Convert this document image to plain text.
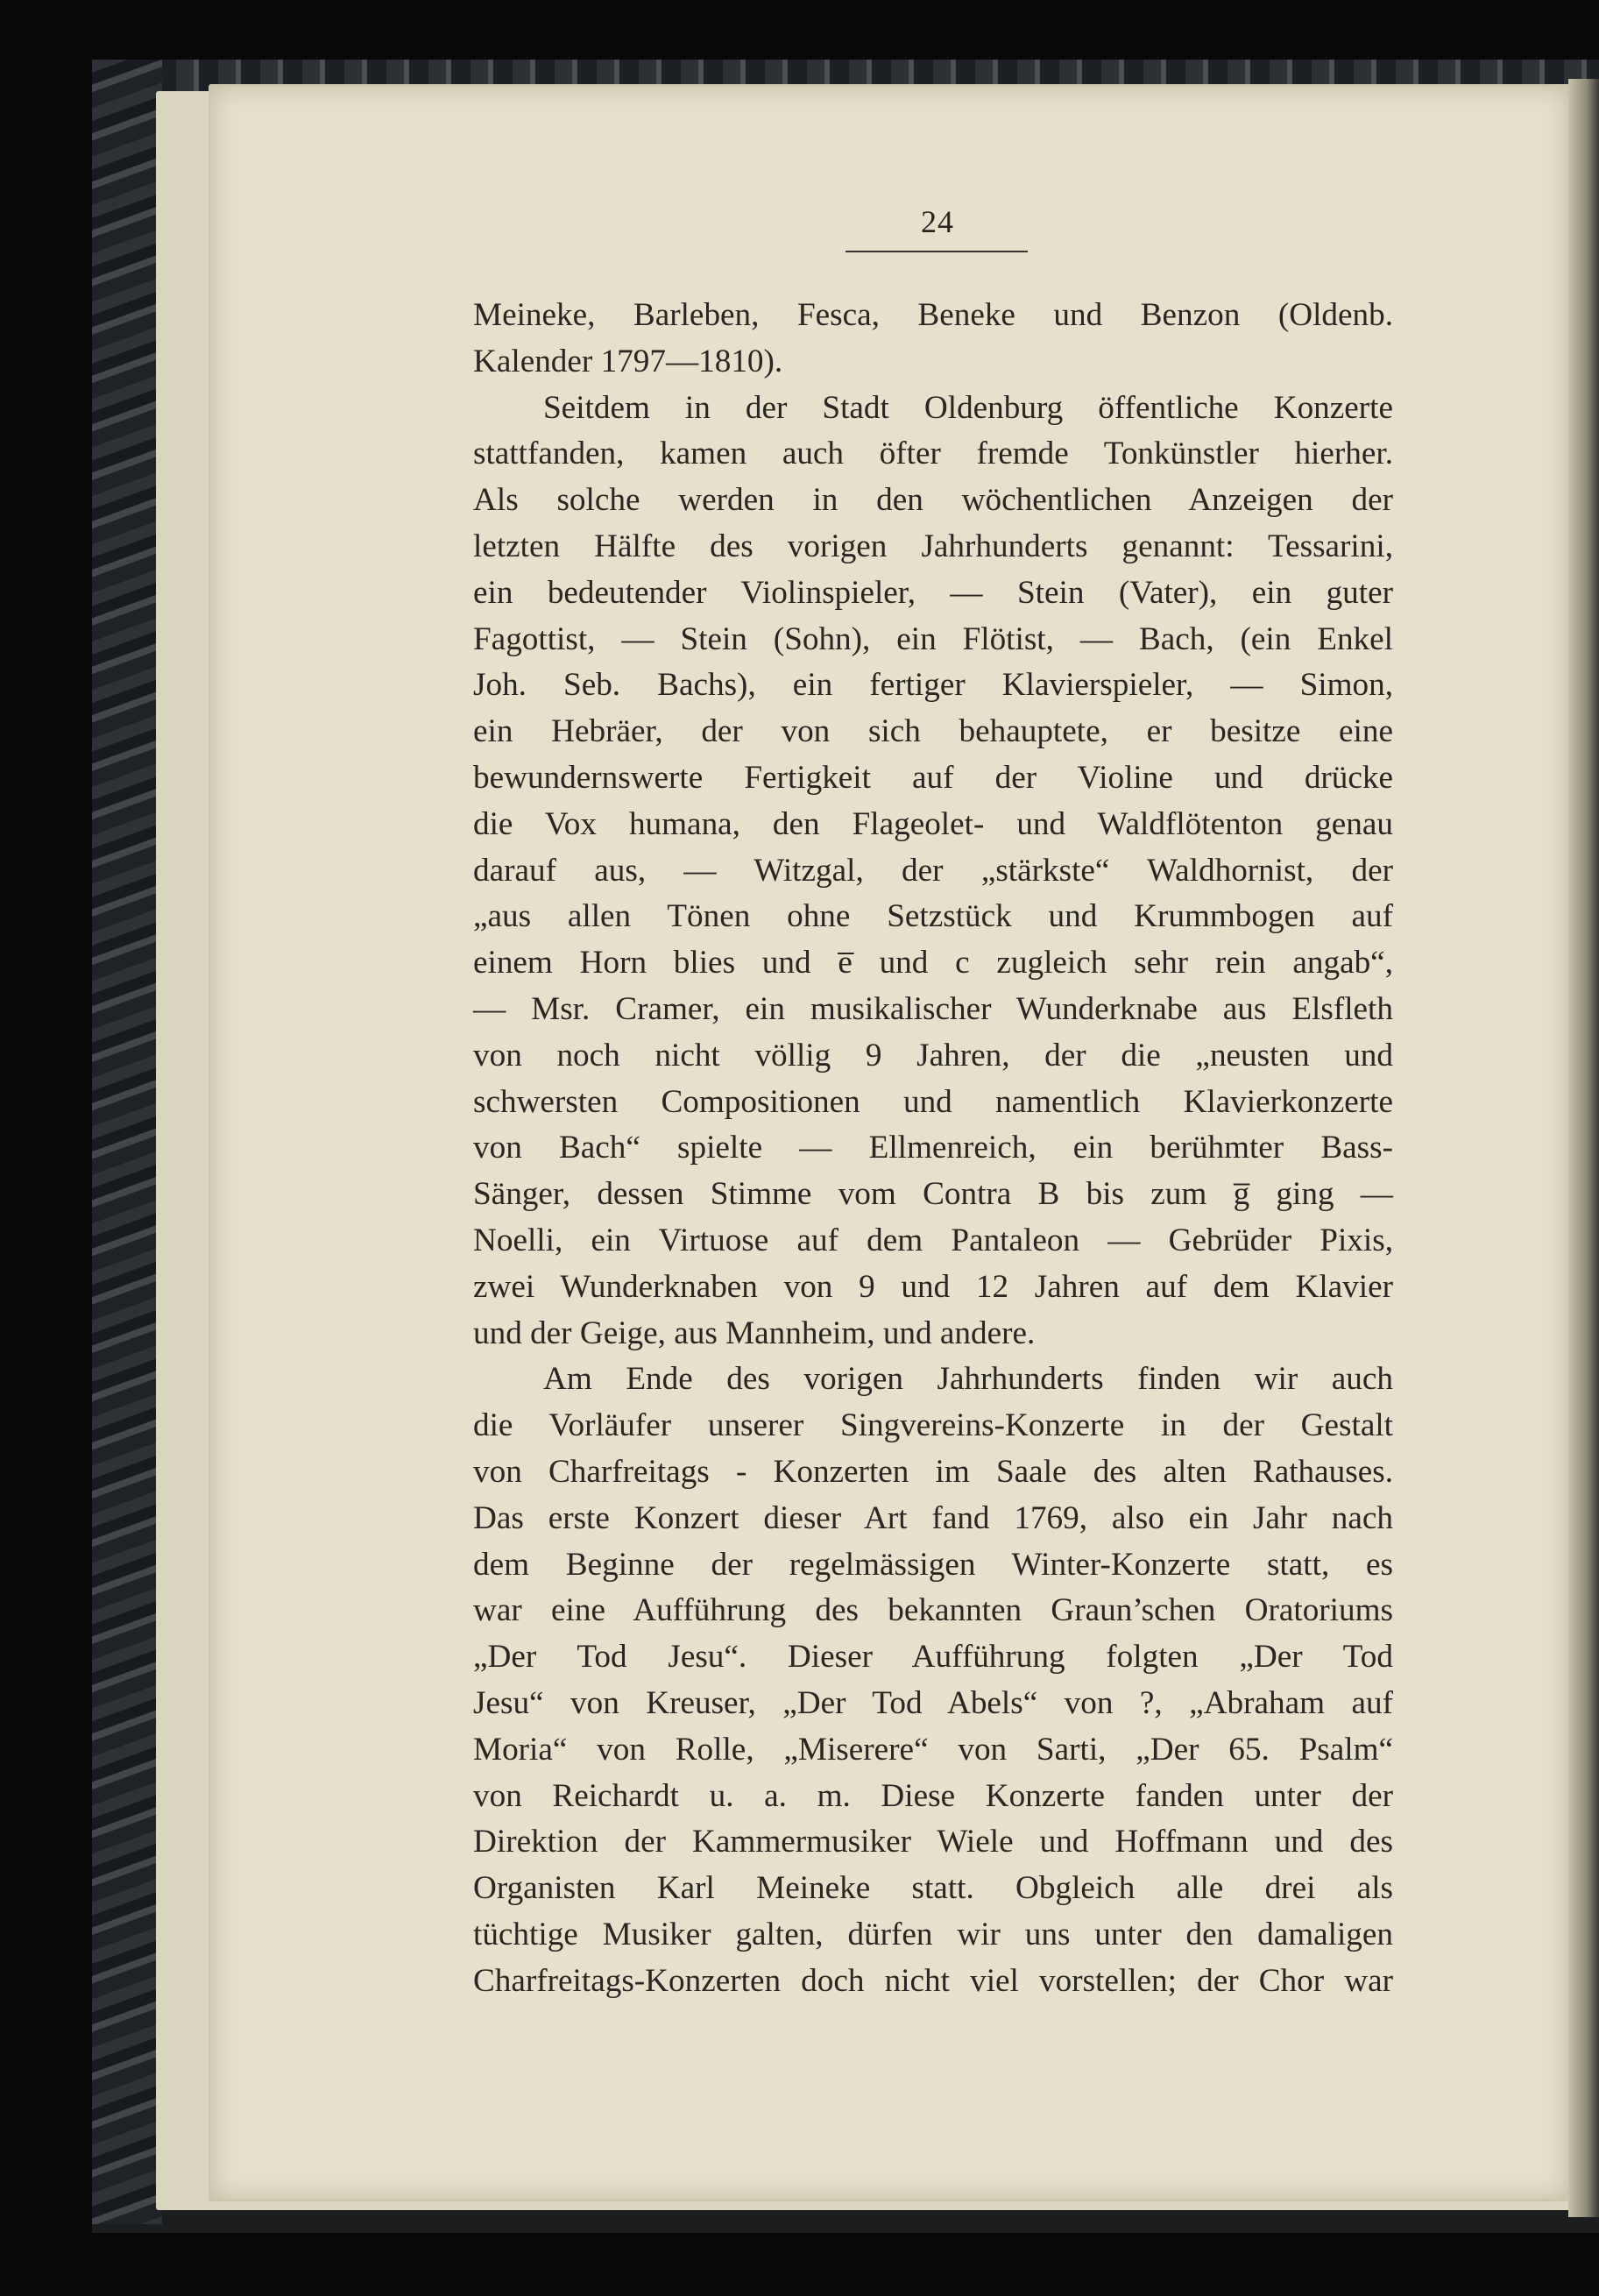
24
Meineke, Barleben, Fesca, Beneke und Benzon (Oldenb.
Kalender 1797—1810).
Seitdem in der Stadt Oldenburg öffentliche Konzerte
stattfanden, kamen auch öfter fremde Tonkünstler hierher.
Als solche werden in den wöchentlichen Anzeigen der
letzten Hälfte des vorigen Jahrhunderts genannt: Tessarini,
ein bedeutender Violinspieler, — Stein (Vater), ein guter
Fagottist, — Stein (Sohn), ein Flötist, — Bach, (ein Enkel
Joh. Seb. Bachs), ein fertiger Klavierspieler, — Simon,
ein Hebräer, der von sich behauptete, er besitze eine
bewundernswerte Fertigkeit auf der Violine und drücke
die Vox humana, den Flageolet- und Waldflötenton genau
darauf aus, — Witzgal, der „stärkste“ Waldhornist, der
„aus allen Tönen ohne Setzstück und Krummbogen auf
einem Horn blies und e̅ und c zugleich sehr rein angab“,
— Msr. Cramer, ein musikalischer Wunderknabe aus Elsfleth
von noch nicht völlig 9 Jahren, der die „neusten und
schwersten Compositionen und namentlich Klavierkonzerte
von Bach“ spielte — Ellmenreich, ein berühmter Bass-
Sänger, dessen Stimme vom Contra B bis zum g̅ ging —
Noelli, ein Virtuose auf dem Pantaleon — Gebrüder Pixis,
zwei Wunderknaben von 9 und 12 Jahren auf dem Klavier
und der Geige, aus Mannheim, und andere.
Am Ende des vorigen Jahrhunderts finden wir auch
die Vorläufer unserer Singvereins-Konzerte in der Gestalt
von Charfreitags - Konzerten im Saale des alten Rathauses.
Das erste Konzert dieser Art fand 1769, also ein Jahr nach
dem Beginne der regelmässigen Winter-Konzerte statt, es
war eine Aufführung des bekannten Graun’schen Oratoriums
„Der Tod Jesu“. Dieser Aufführung folgten „Der Tod
Jesu“ von Kreuser, „Der Tod Abels“ von ?, „Abraham auf
Moria“ von Rolle, „Miserere“ von Sarti, „Der 65. Psalm“
von Reichardt u. a. m. Diese Konzerte fanden unter der
Direktion der Kammermusiker Wiele und Hoffmann und des
Organisten Karl Meineke statt. Obgleich alle drei als
tüchtige Musiker galten, dürfen wir uns unter den damaligen
Charfreitags-Konzerten doch nicht viel vorstellen; der Chor war
